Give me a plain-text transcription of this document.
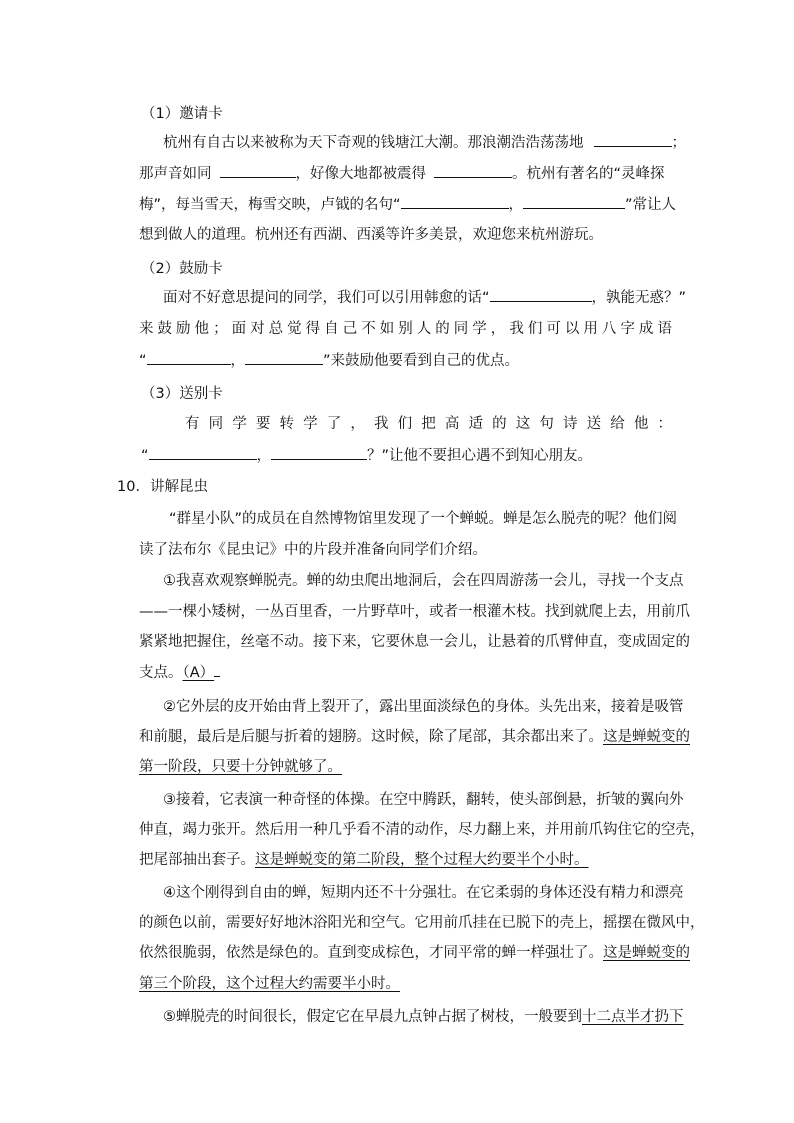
（1）邀请卡
杭州有自古以来被称为天下奇观的钱塘江大潮。那浪潮浩浩荡荡地	；
那声音如同	，好像大地都被震得	。杭州有著名的“灵峰探
梅”，每当雪天，梅雪交映，卢钺的名句“	，	”常让人
想到做人的道理。杭州还有西湖、西溪等许多美景，欢迎您来杭州游玩。
（2）鼓励卡
面对不好意思提问的同学，我们可以引用韩愈的话“	，孰能无惑？”
来 鼓 励 他 ； 面 对 总 觉 得 自 己 不 如 别 人 的 同 学 ， 我 们 可 以 用 八 字 成 语
“	，	”来鼓励他要看到自己的优点。
（3）送别卡
有 同 学 要 转 学 了 ， 我 们 把 高 适 的 这 句 诗 送 给 他 ：
“	，	？”让他不要担心遇不到知心朋友。
10．讲解昆虫
“群星小队”的成员在自然博物馆里发现了一个蝉蜕。蝉是怎么脱壳的呢？他们阅
读了法布尔《昆虫记》中的片段并准备向同学们介绍。
①我喜欢观察蝉脱壳。蝉的幼虫爬出地洞后，会在四周游荡一会儿，寻找一个支点
——一棵小矮树，一丛百里香，一片野草叶，或者一根灌木枝。找到就爬上去，用前爪
紧紧地把握住，丝毫不动。接下来，它要休息一会儿，让悬着的爪臂伸直，变成固定的
支点。（A）
②它外层的皮开始由背上裂开了，露出里面淡绿色的身体。头先出来，接着是吸管
和前腿，最后是后腿与折着的翅膀。这时候，除了尾部，其余都出来了。这是蝉蜕变的
第一阶段，只要十分钟就够了。
③接着，它表演一种奇怪的体操。在空中腾跃，翻转，使头部倒悬，折皱的翼向外
伸直，竭力张开。然后用一种几乎看不清的动作，尽力翻上来，并用前爪钩住它的空壳，
把尾部抽出套子。这是蝉蜕变的第二阶段，整个过程大约要半个小时。
④这个刚得到自由的蝉，短期内还不十分强壮。在它柔弱的身体还没有精力和漂亮
的颜色以前，需要好好地沐浴阳光和空气。它用前爪挂在已脱下的壳上，摇摆在微风中，
依然很脆弱，依然是绿色的。直到变成棕色，才同平常的蝉一样强壮了。这是蝉蜕变的
第三个阶段，这个过程大约需要半小时。
⑤蝉脱壳的时间很长，假定它在早晨九点钟占据了树枝，一般要到十二点半才扔下
